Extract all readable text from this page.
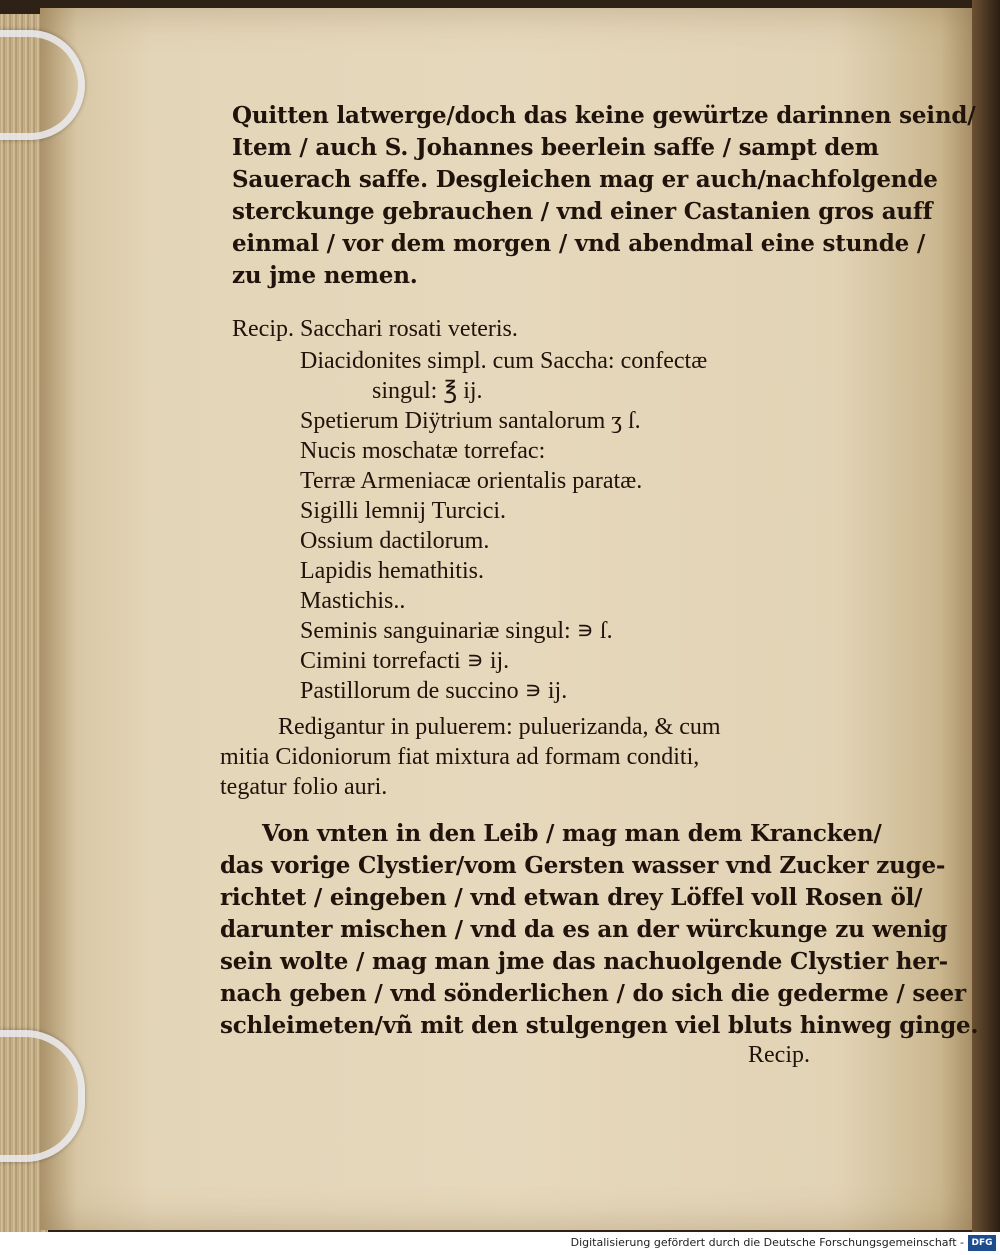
Quitten latwerge/doch das keine gewürtze darinnen seind/
Item / auch S. Johannes beerlein saffe / sampt dem
Sauerach saffe. Desgleichen mag er auch/nachfolgende
sterckunge gebrauchen / vnd einer Castanien gros auff
einmal / vor dem morgen / vnd abendmal eine stunde /
zu jme nemen.
Recip. Sacchari rosati veteris.
Diacidonites simpl. cum Saccha: confectæ
singul: ℥ ij.
Spetierum Diÿtrium santalorum ʒ ſ.
Nucis moschatæ torrefac:
Terræ Armeniacæ orientalis paratæ.
Sigilli lemnij Turcici.
Ossium dactilorum.
Lapidis hemathitis.
Mastichis..
Seminis sanguinariæ singul: ∍ ſ.
Cimini torrefacti ∍ ij.
Pastillorum de succino ∍ ij.
Redigantur in puluerem: puluerizanda, & cum
mitia Cidoniorum fiat mixtura ad formam conditi,
tegatur folio auri.
Von vnten in den Leib / mag man dem Krancken/
das vorige Clystier/vom Gersten wasser vnd Zucker zuge-
richtet / eingeben / vnd etwan drey Löffel voll Rosen öl/
darunter mischen / vnd da es an der würckunge zu wenig
sein wolte / mag man jme das nachuolgende Clystier her-
nach geben / vnd sönderlichen / do sich die gederme / seer
schleimeten/vñ mit den stulgengen viel bluts hinweg ginge.
Recip.
Digitalisierung gefördert durch die Deutsche Forschungsgemeinschaft - DFG
